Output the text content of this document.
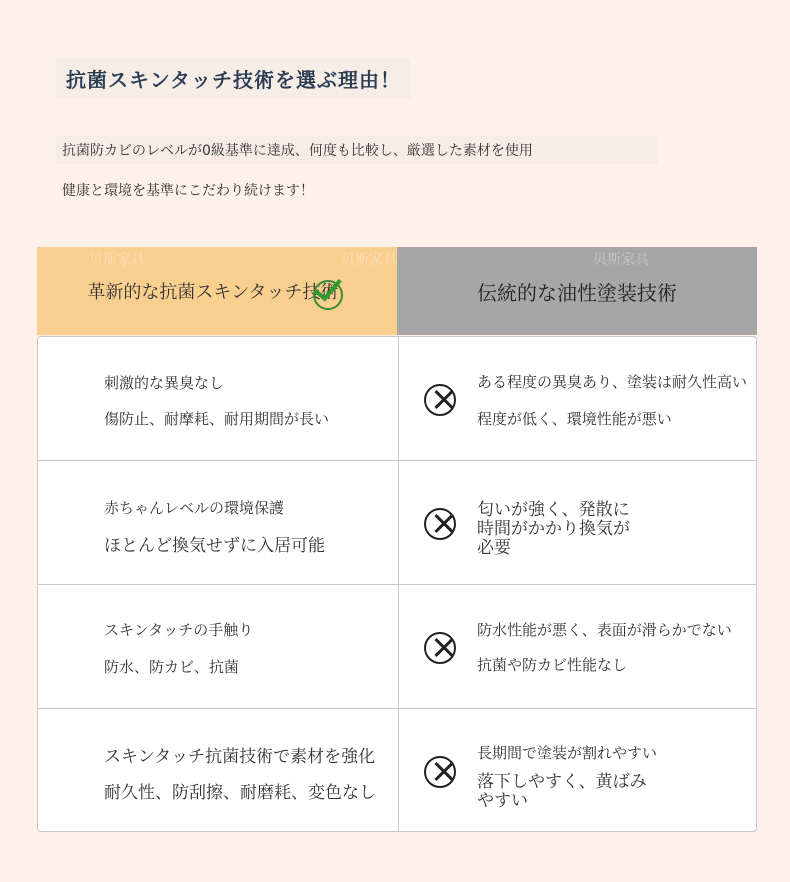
抗菌スキンタッチ技術を選ぶ理由！
抗菌防カビのレベルが0級基準に達成、何度も比較し、厳選した素材を使用
健康と環境を基準にこだわり続けます！
贝斯家具
革新的な抗菌スキンタッチ技術
贝斯家具	贝斯家具
伝統的な油性塗装技術
刺激的な異臭なし
傷防止、耐摩耗、耐用期間が長い
ある程度の異臭あり、塗装は耐久性高い
程度が低く、環境性能が悪い
赤ちゃんレベルの環境保護
ほとんど換気せずに入居可能
匂いが強く、発散に
時間がかかり換気が
必要
スキンタッチの手触り
防水、防カビ、抗菌
防水性能が悪く、表面が滑らかでない
抗菌や防カビ性能なし
スキンタッチ抗菌技術で素材を強化
耐久性、防刮擦、耐磨耗、変色なし
長期間で塗装が割れやすい
落下しやすく、黄ばみ
やすい
